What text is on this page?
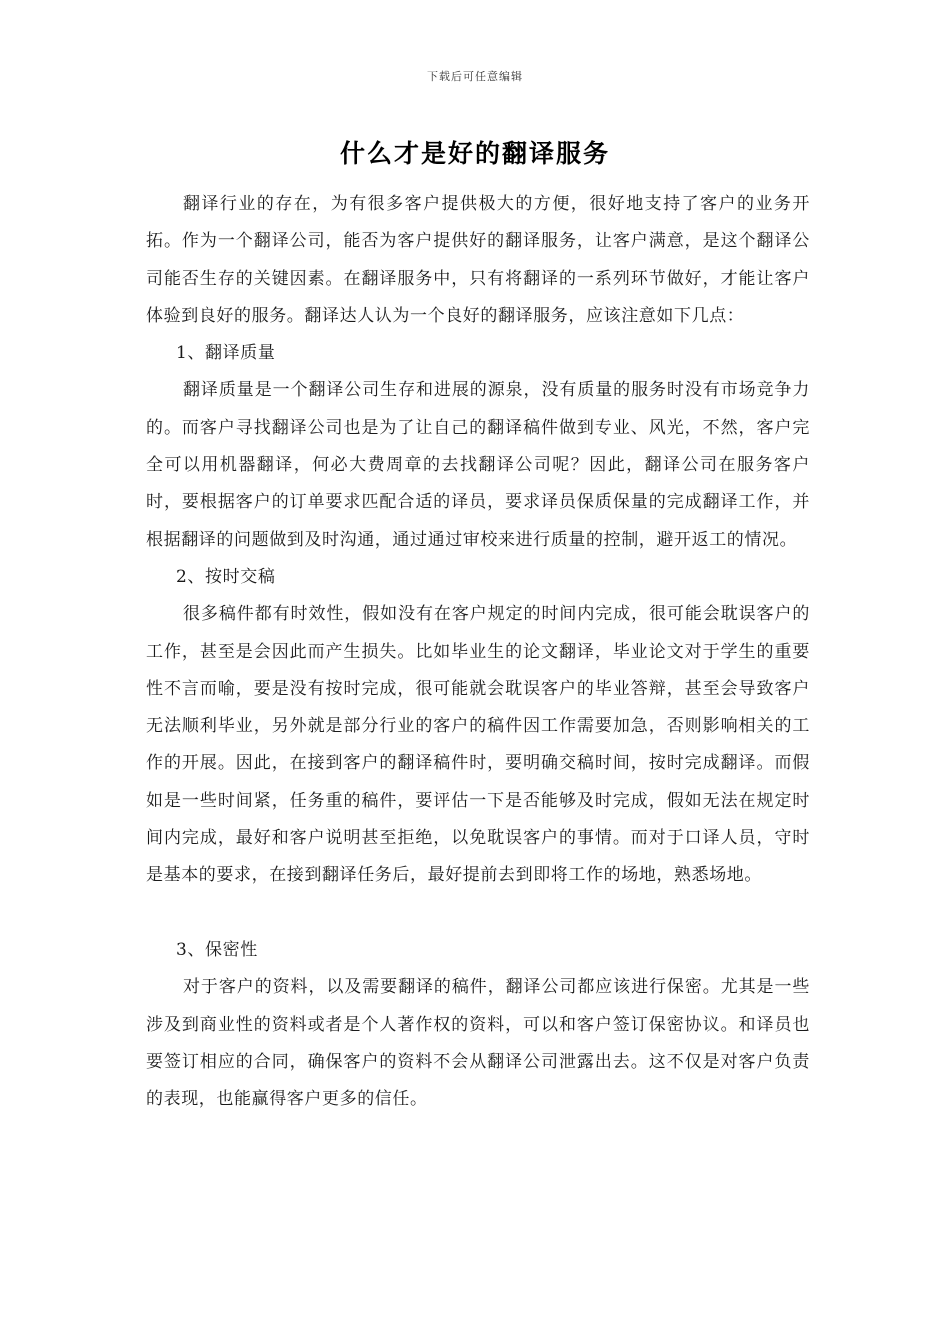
下载后可任意编辑
什么才是好的翻译服务

翻译行业的存在，为有很多客户提供极大的方便，很好地支持了客户的业务开拓。作为一个翻译公司，能否为客户提供好的翻译服务，让客户满意，是这个翻译公司能否生存的关键因素。在翻译服务中，只有将翻译的一系列环节做好，才能让客户体验到良好的服务。翻译达人认为一个良好的翻译服务，应该注意如下几点：

1、翻译质量

翻译质量是一个翻译公司生存和进展的源泉，没有质量的服务时没有市场竞争力的。而客户寻找翻译公司也是为了让自己的翻译稿件做到专业、风光，不然，客户完全可以用机器翻译，何必大费周章的去找翻译公司呢？因此，翻译公司在服务客户时，要根据客户的订单要求匹配合适的译员，要求译员保质保量的完成翻译工作，并根据翻译的问题做到及时沟通，通过通过审校来进行质量的控制，避开返工的情况。

2、按时交稿

很多稿件都有时效性，假如没有在客户规定的时间内完成，很可能会耽误客户的工作，甚至是会因此而产生损失。比如毕业生的论文翻译，毕业论文对于学生的重要性不言而喻，要是没有按时完成，很可能就会耽误客户的毕业答辩，甚至会导致客户无法顺利毕业，另外就是部分行业的客户的稿件因工作需要加急，否则影响相关的工作的开展。因此，在接到客户的翻译稿件时，要明确交稿时间，按时完成翻译。而假如是一些时间紧，任务重的稿件，要评估一下是否能够及时完成，假如无法在规定时间内完成，最好和客户说明甚至拒绝，以免耽误客户的事情。而对于口译人员，守时是基本的要求，在接到翻译任务后，最好提前去到即将工作的场地，熟悉场地。

3、保密性

对于客户的资料，以及需要翻译的稿件，翻译公司都应该进行保密。尤其是一些涉及到商业性的资料或者是个人著作权的资料，可以和客户签订保密协议。和译员也要签订相应的合同，确保客户的资料不会从翻译公司泄露出去。这不仅是对客户负责的表现，也能赢得客户更多的信任。
